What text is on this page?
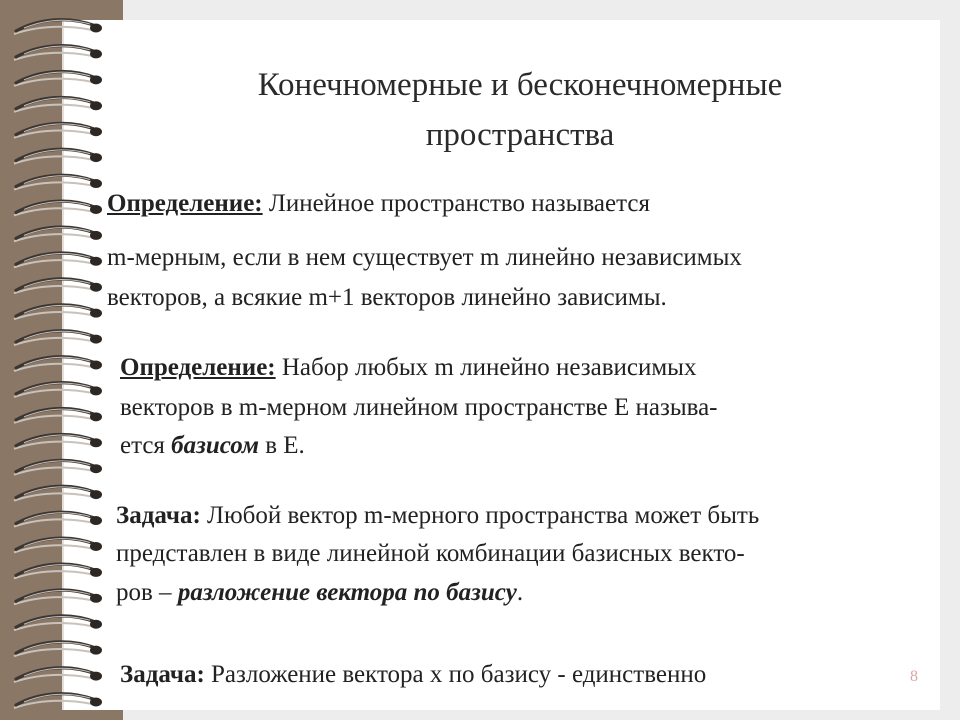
Конечномерные и бесконечномерные
пространства
Определение: Линейное пространство называется
m-мерным, если в нем существует m линейно независимых
векторов, а всякие m+1 векторов линейно зависимы.
Определение: Набор любых m линейно независимых
векторов в m-мерном линейном пространстве E называ-
ется базисом в E.
Задача: Любой вектор m-мерного пространства может быть
представлен в виде линейной комбинации базисных векто-
ров – разложение вектора по базису.
Задача: Разложение вектора x по базису - единственно	8
